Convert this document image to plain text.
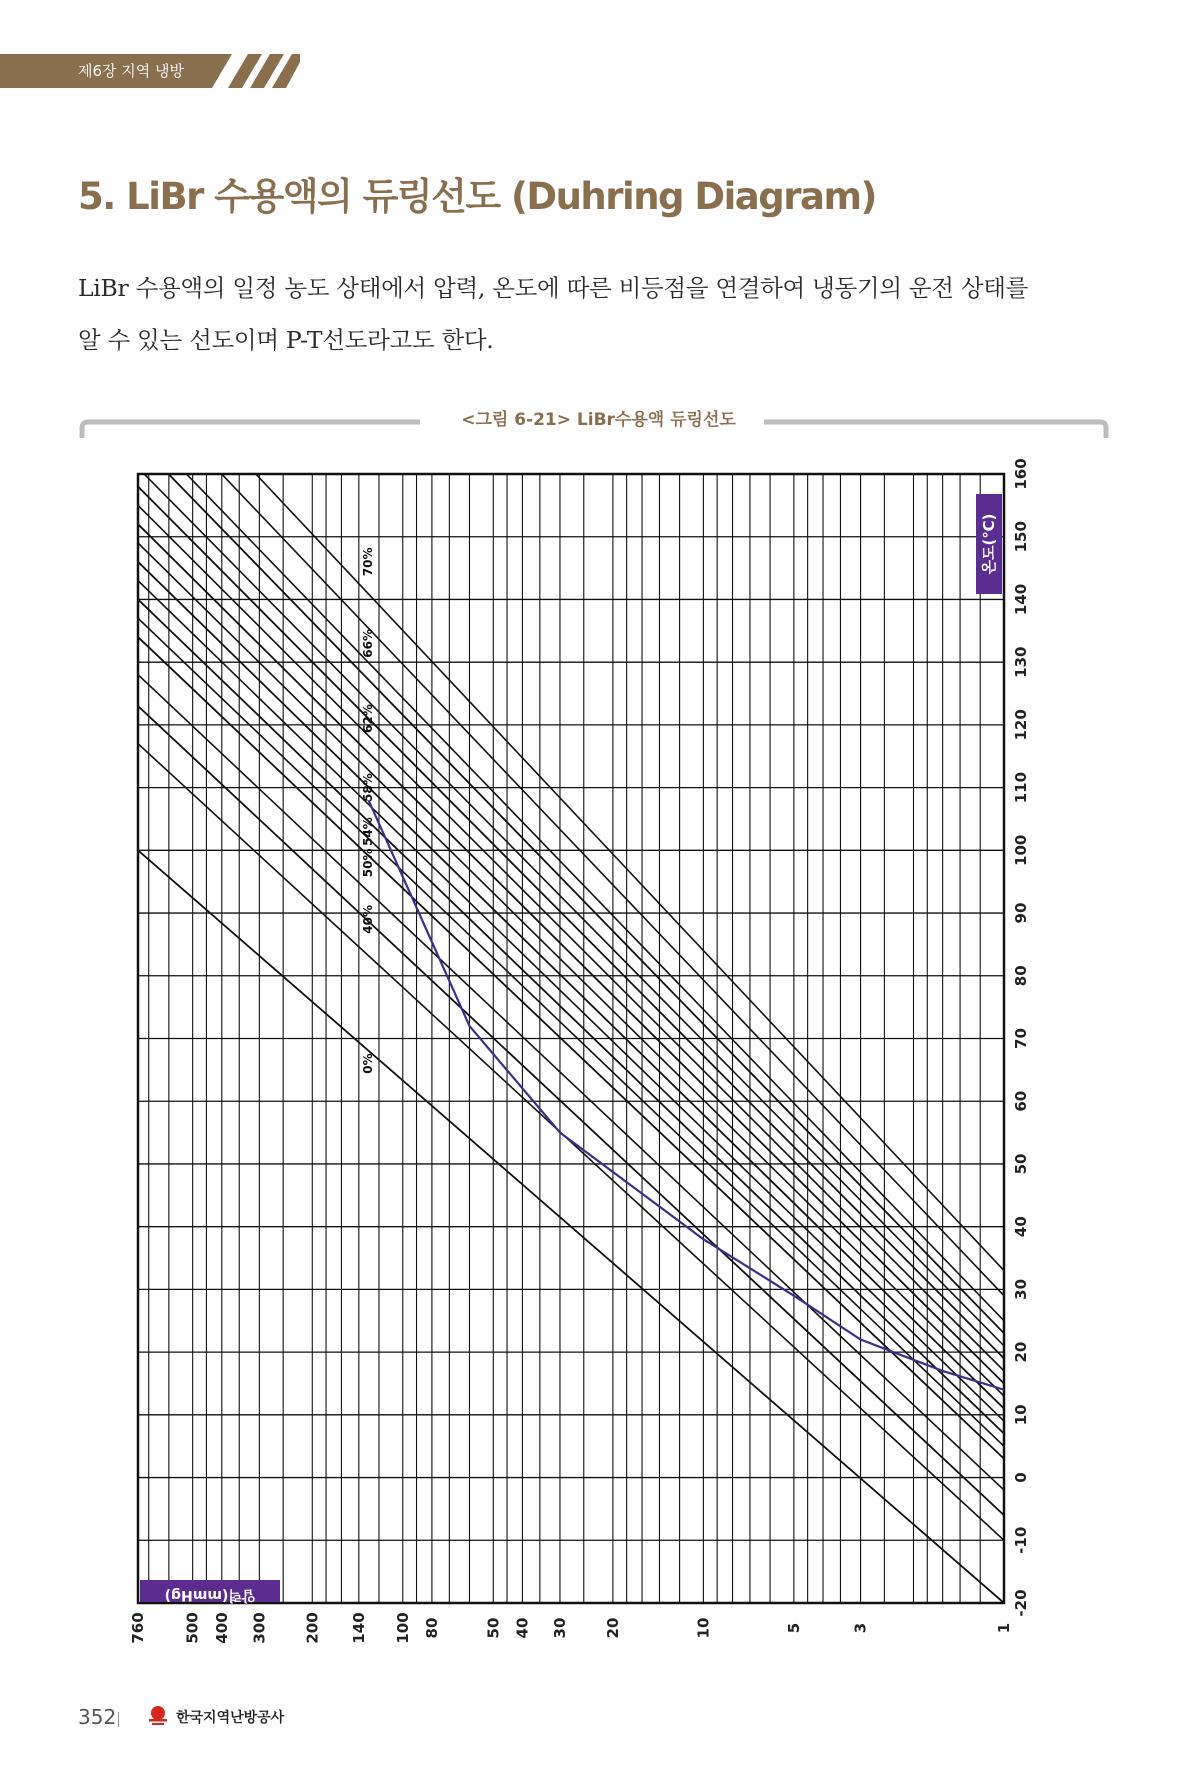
제6장 지역 냉방
5. LiBr 수용액의 듀링선도 (Duhring Diagram)
LiBr 수용액의 일정 농도 상태에서 압력, 온도에 따른 비등점을 연결하여 냉동기의 운전 상태를
알 수 있는 선도이며 P-T선도라고도 한다.
<그림 6-21> LiBr수용액 듀링선도
0%
40%
50%
54%
58%
62%
66%
70%
-20
-10
0
10
20
30
40
50
60
70
80
90
100
110
120
130
140
150
160
760 500 400 300 200 140 100 80	50 40 30 20	10	5	3	1
온도(℃)
압력(mmHg)
352	한국지역난방공사
